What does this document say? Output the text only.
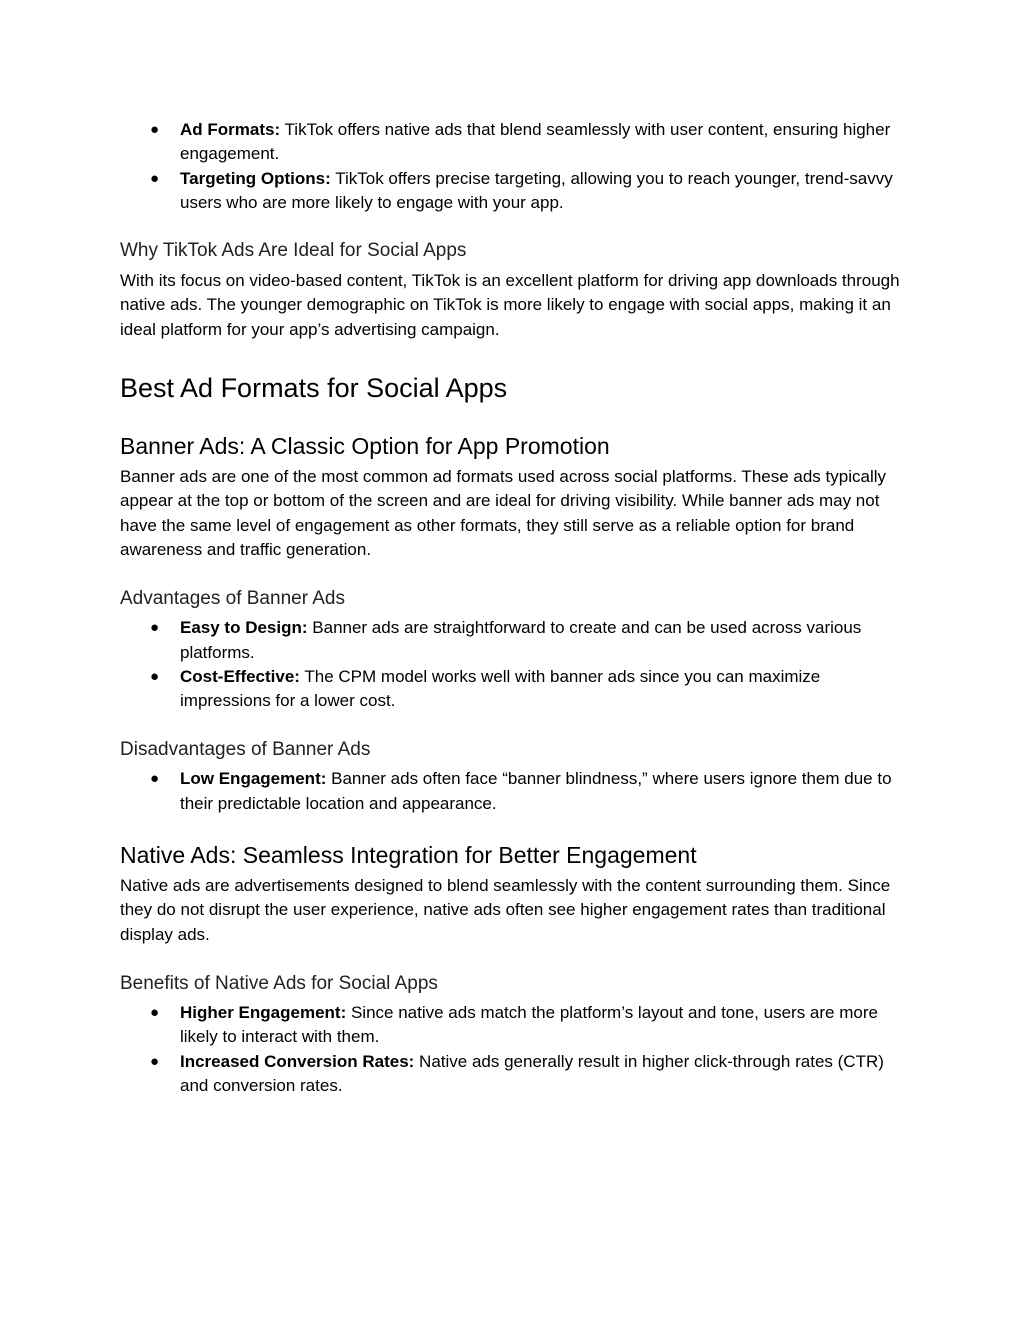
● Ad Formats: TikTok offers native ads that blend seamlessly with user content, ensuring higher engagement.
● Targeting Options: TikTok offers precise targeting, allowing you to reach younger, trend-savvy users who are more likely to engage with your app.
Why TikTok Ads Are Ideal for Social Apps

With its focus on video-based content, TikTok is an excellent platform for driving app downloads through native ads. The younger demographic on TikTok is more likely to engage with social apps, making it an ideal platform for your app’s advertising campaign.

Best Ad Formats for Social Apps
Banner Ads: A Classic Option for App Promotion

Banner ads are one of the most common ad formats used across social platforms. These ads typically appear at the top or bottom of the screen and are ideal for driving visibility. While banner ads may not have the same level of engagement as other formats, they still serve as a reliable option for brand awareness and traffic generation.

Advantages of Banner Ads
● Easy to Design: Banner ads are straightforward to create and can be used across various platforms.
● Cost-Effective: The CPM model works well with banner ads since you can maximize impressions for a lower cost.
Disadvantages of Banner Ads
● Low Engagement: Banner ads often face “banner blindness,” where users ignore them due to their predictable location and appearance.
Native Ads: Seamless Integration for Better Engagement

Native ads are advertisements designed to blend seamlessly with the content surrounding them. Since they do not disrupt the user experience, native ads often see higher engagement rates than traditional display ads.

Benefits of Native Ads for Social Apps
● Higher Engagement: Since native ads match the platform’s layout and tone, users are more likely to interact with them.
● Increased Conversion Rates: Native ads generally result in higher click-through rates (CTR) and conversion rates.
